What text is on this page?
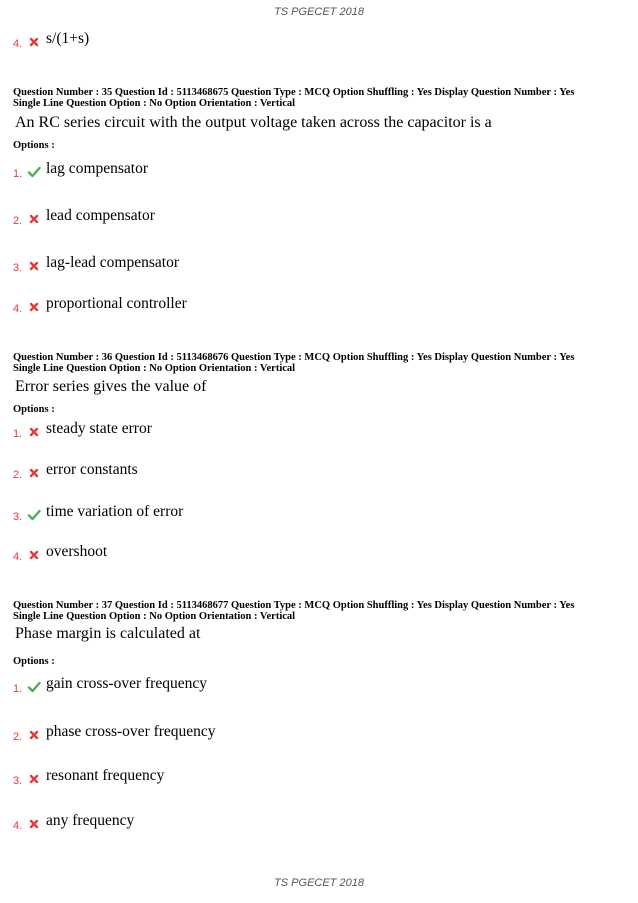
TS PGECET 2018
4. s/(1+s)
Question Number : 35 Question Id : 5113468675 Question Type : MCQ Option Shuffling : Yes Display Question Number : Yes
Single Line Question Option : No Option Orientation : Vertical
An RC series circuit with the output voltage taken across the capacitor is a
Options :
1. lag compensator
2. lead compensator
3. lag-lead compensator
4. proportional controller
Question Number : 36 Question Id : 5113468676 Question Type : MCQ Option Shuffling : Yes Display Question Number : Yes
Single Line Question Option : No Option Orientation : Vertical
Error series gives the value of
Options :
1. steady state error
2. error constants
3. time variation of error
4. overshoot
Question Number : 37 Question Id : 5113468677 Question Type : MCQ Option Shuffling : Yes Display Question Number : Yes
Single Line Question Option : No Option Orientation : Vertical
Phase margin is calculated at
Options :
1. gain cross-over frequency
2. phase cross-over frequency
3. resonant frequency
4. any frequency
TS PGECET 2018
